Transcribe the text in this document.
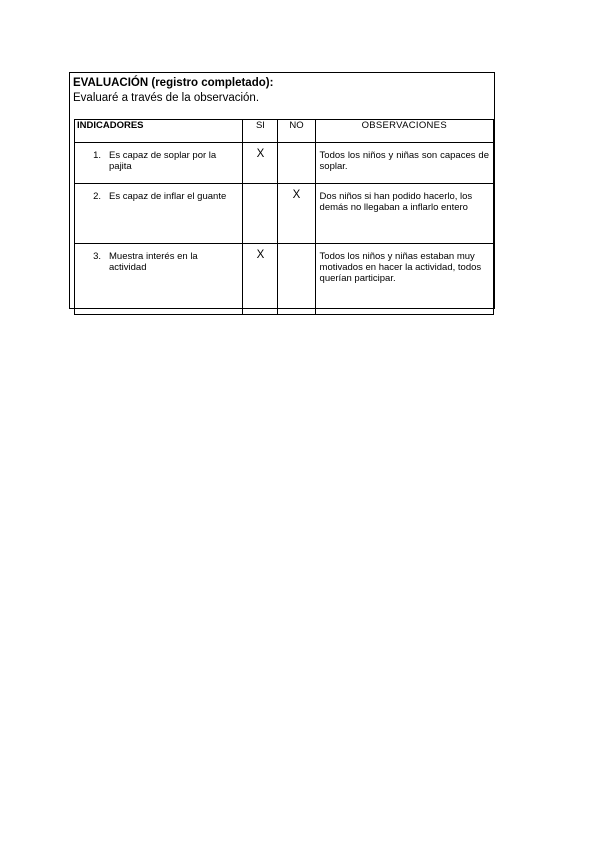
EVALUACIÓN (registro completado):
Evaluaré a través de la observación.
INDICADORES	SI	NO	OBSERVACIONES

1. Es capaz de soplar por la pajita	X		Todos los niños y niñas son capaces de soplar.

2. Es capaz de inflar el guante		X	Dos niños si han podido hacerlo, los demás no llegaban a inflarlo entero

3. Muestra interés en la actividad	X		Todos los niños y niñas estaban muy motivados en hacer la actividad, todos querían participar.
